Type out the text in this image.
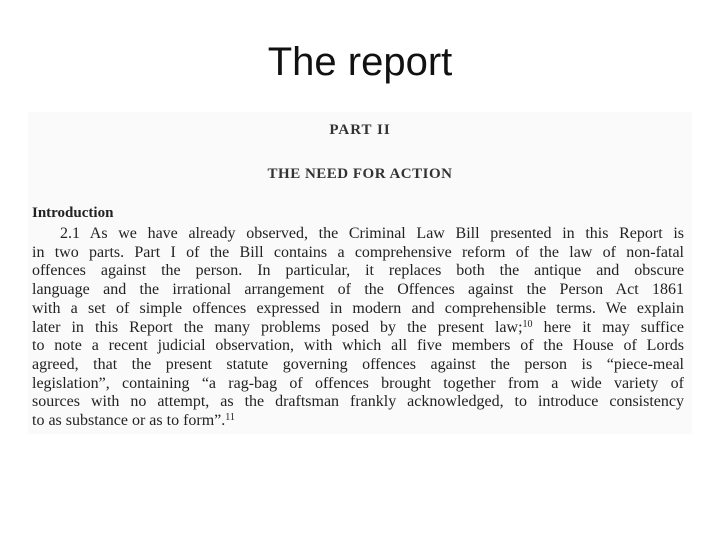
The report
PART II
THE NEED FOR ACTION
Introduction
2.1 As we have already observed, the Criminal Law Bill presented in this Report is
in two parts. Part I of the Bill contains a comprehensive reform of the law of non-fatal
offences against the person. In particular, it replaces both the antique and obscure
language and the irrational arrangement of the Offences against the Person Act 1861
with a set of simple offences expressed in modern and comprehensible terms. We explain
later in this Report the many problems posed by the present law;$^{10}$ here it may suffice
to note a recent judicial observation, with which all five members of the House of Lords
agreed, that the present statute governing offences against the person is “piece-meal
legislation”, containing “a rag-bag of offences brought together from a wide variety of
sources with no attempt, as the draftsman frankly acknowledged, to introduce consistency
to as substance or as to form”.$^{11}$
